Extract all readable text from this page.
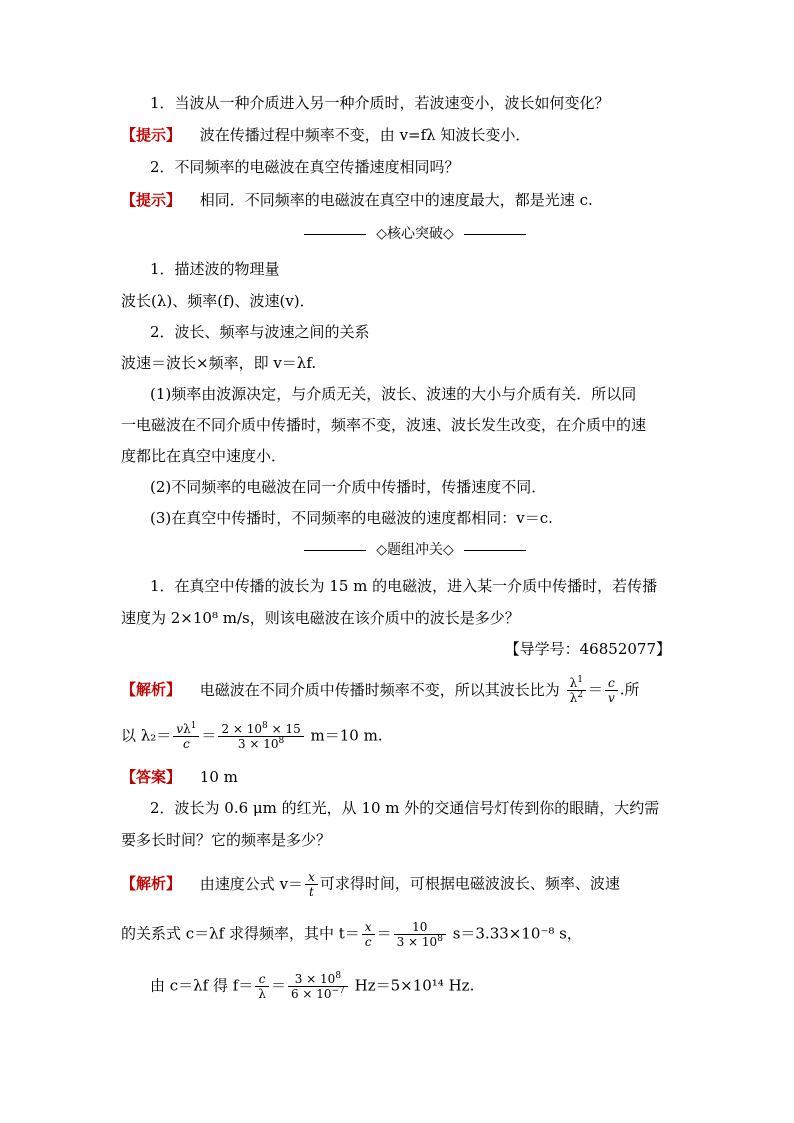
1．当波从一种介质进入另一种介质时，若波速变小，波长如何变化？
【提示】 波在传播过程中频率不变，由 v=fλ 知波长变小．
2．不同频率的电磁波在真空传播速度相同吗？
【提示】 相同．不同频率的电磁波在真空中的速度最大，都是光速 c.
◇核心突破◇
1．描述波的物理量
波长(λ)、频率(f)、波速(v)．
2．波长、频率与波速之间的关系
波速＝波长×频率，即 v＝λf.
(1)频率由波源决定，与介质无关，波长、波速的大小与介质有关．所以同
一电磁波在不同介质中传播时，频率不变，波速、波长发生改变，在介质中的速
度都比在真空中速度小．
(2)不同频率的电磁波在同一介质中传播时，传播速度不同．
(3)在真空中传播时，不同频率的电磁波的速度都相同：v＝c.
◇题组冲关◇
1．在真空中传播的波长为 15 m 的电磁波，进入某一介质中传播时，若传播
速度为 2×10⁸ m/s，则该电磁波在该介质中的波长是多少？
【导学号：46852077】
【解析】 电磁波在不同介质中传播时频率不变，所以其波长比为 $\frac{\lambda^1}{\lambda^2} = \frac{c}{v}$ .所
以 $\lambda_2= \frac{v\lambda^1}{c} = \frac{2 \times 10^8 \times 15}{3 \times 10^8} m=10$ m.
【答案】 10 m
2．波长为 0.6 μm 的红光，从 10 m 外的交通信号灯传到你的眼睛，大约需
要多长时间？它的频率是多少？
【解析】 由速度公式 $v= \frac{x}{t}$ 可求得时间，可根据电磁波波长、频率、波速
的关系式 c＝λf 求得频率，其中 $t= \frac{x}{c} = \frac{10}{3 \times 10^8} s=3.33\times 10^{-8}$ s，
由 c＝λf 得 $f= \frac{c}{\lambda} = \frac{3 \times 10^8}{6 \times 10^{-7}} Hz=5\times 10^{14}$ Hz.
